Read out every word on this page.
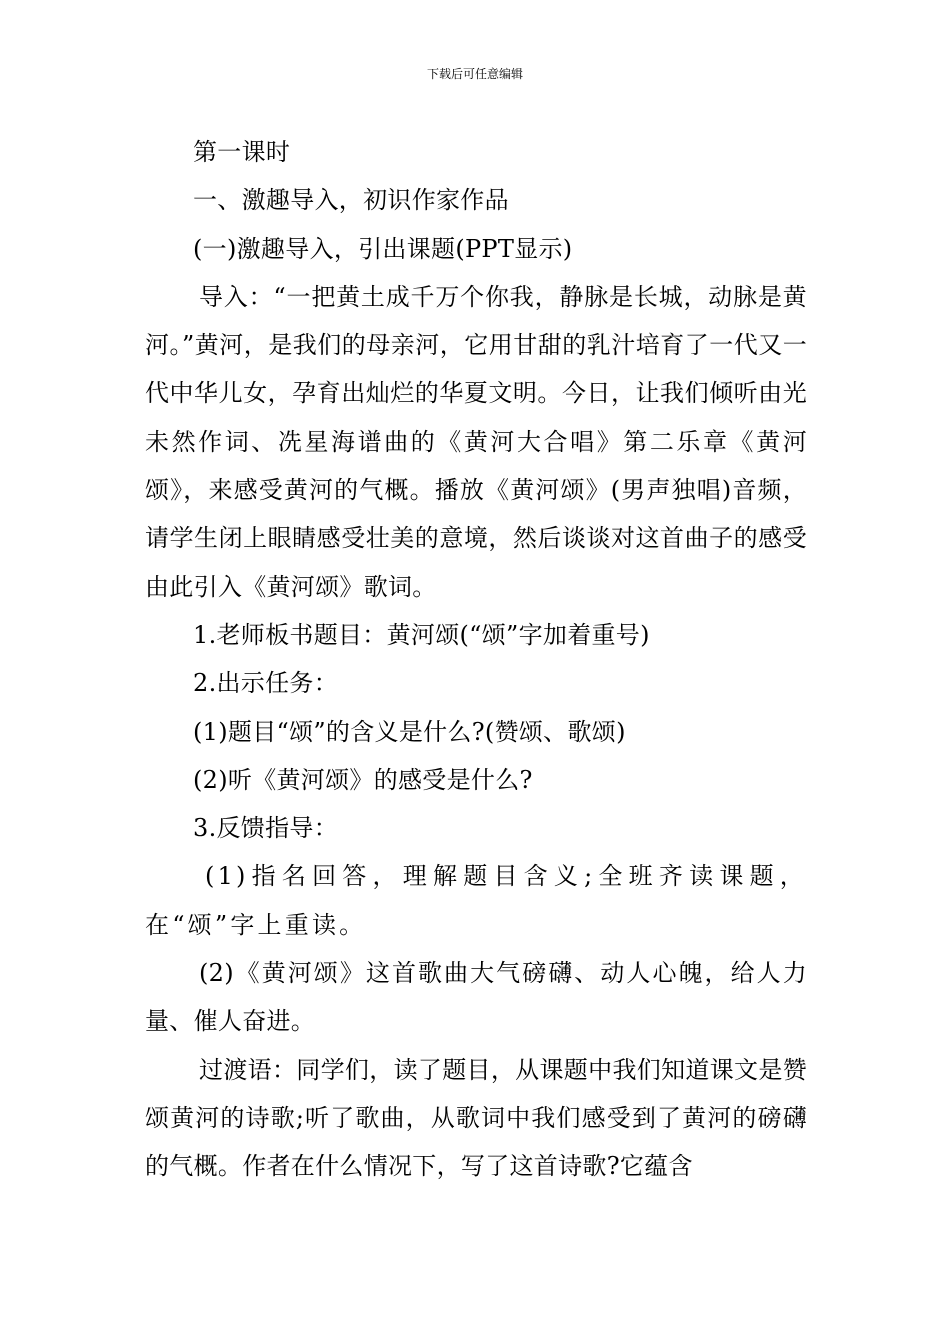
下载后可任意编辑

第一课时

一、激趣导入，初识作家作品

(一)激趣导入，引出课题(PPT显示)

导入：“一把黄土成千万个你我，静脉是长城，动脉是黄河。”黄河，是我们的母亲河，它用甘甜的乳汁培育了一代又一代中华儿女，孕育出灿烂的华夏文明。今日，让我们倾听由光未然作词、冼星海谱曲的《黄河大合唱》第二乐章《黄河颂》，来感受黄河的气概。播放《黄河颂》(男声独唱)音频，请学生闭上眼睛感受壮美的意境，然后谈谈对这首曲子的感受由此引入《黄河颂》歌词。

1.老师板书题目：黄河颂(“颂”字加着重号)

2.出示任务：

(1)题目“颂”的含义是什么?(赞颂、歌颂)

(2)听《黄河颂》的感受是什么?

3.反馈指导：

(1)指名回答，理解题目含义;全班齐读课题，在“颂”字上重读。

(2)《黄河颂》这首歌曲大气磅礴、动人心魄，给人力量、催人奋进。

过渡语：同学们，读了题目，从课题中我们知道课文是赞颂黄河的诗歌;听了歌曲，从歌词中我们感受到了黄河的磅礴的气概。作者在什么情况下，写了这首诗歌?它蕴含
